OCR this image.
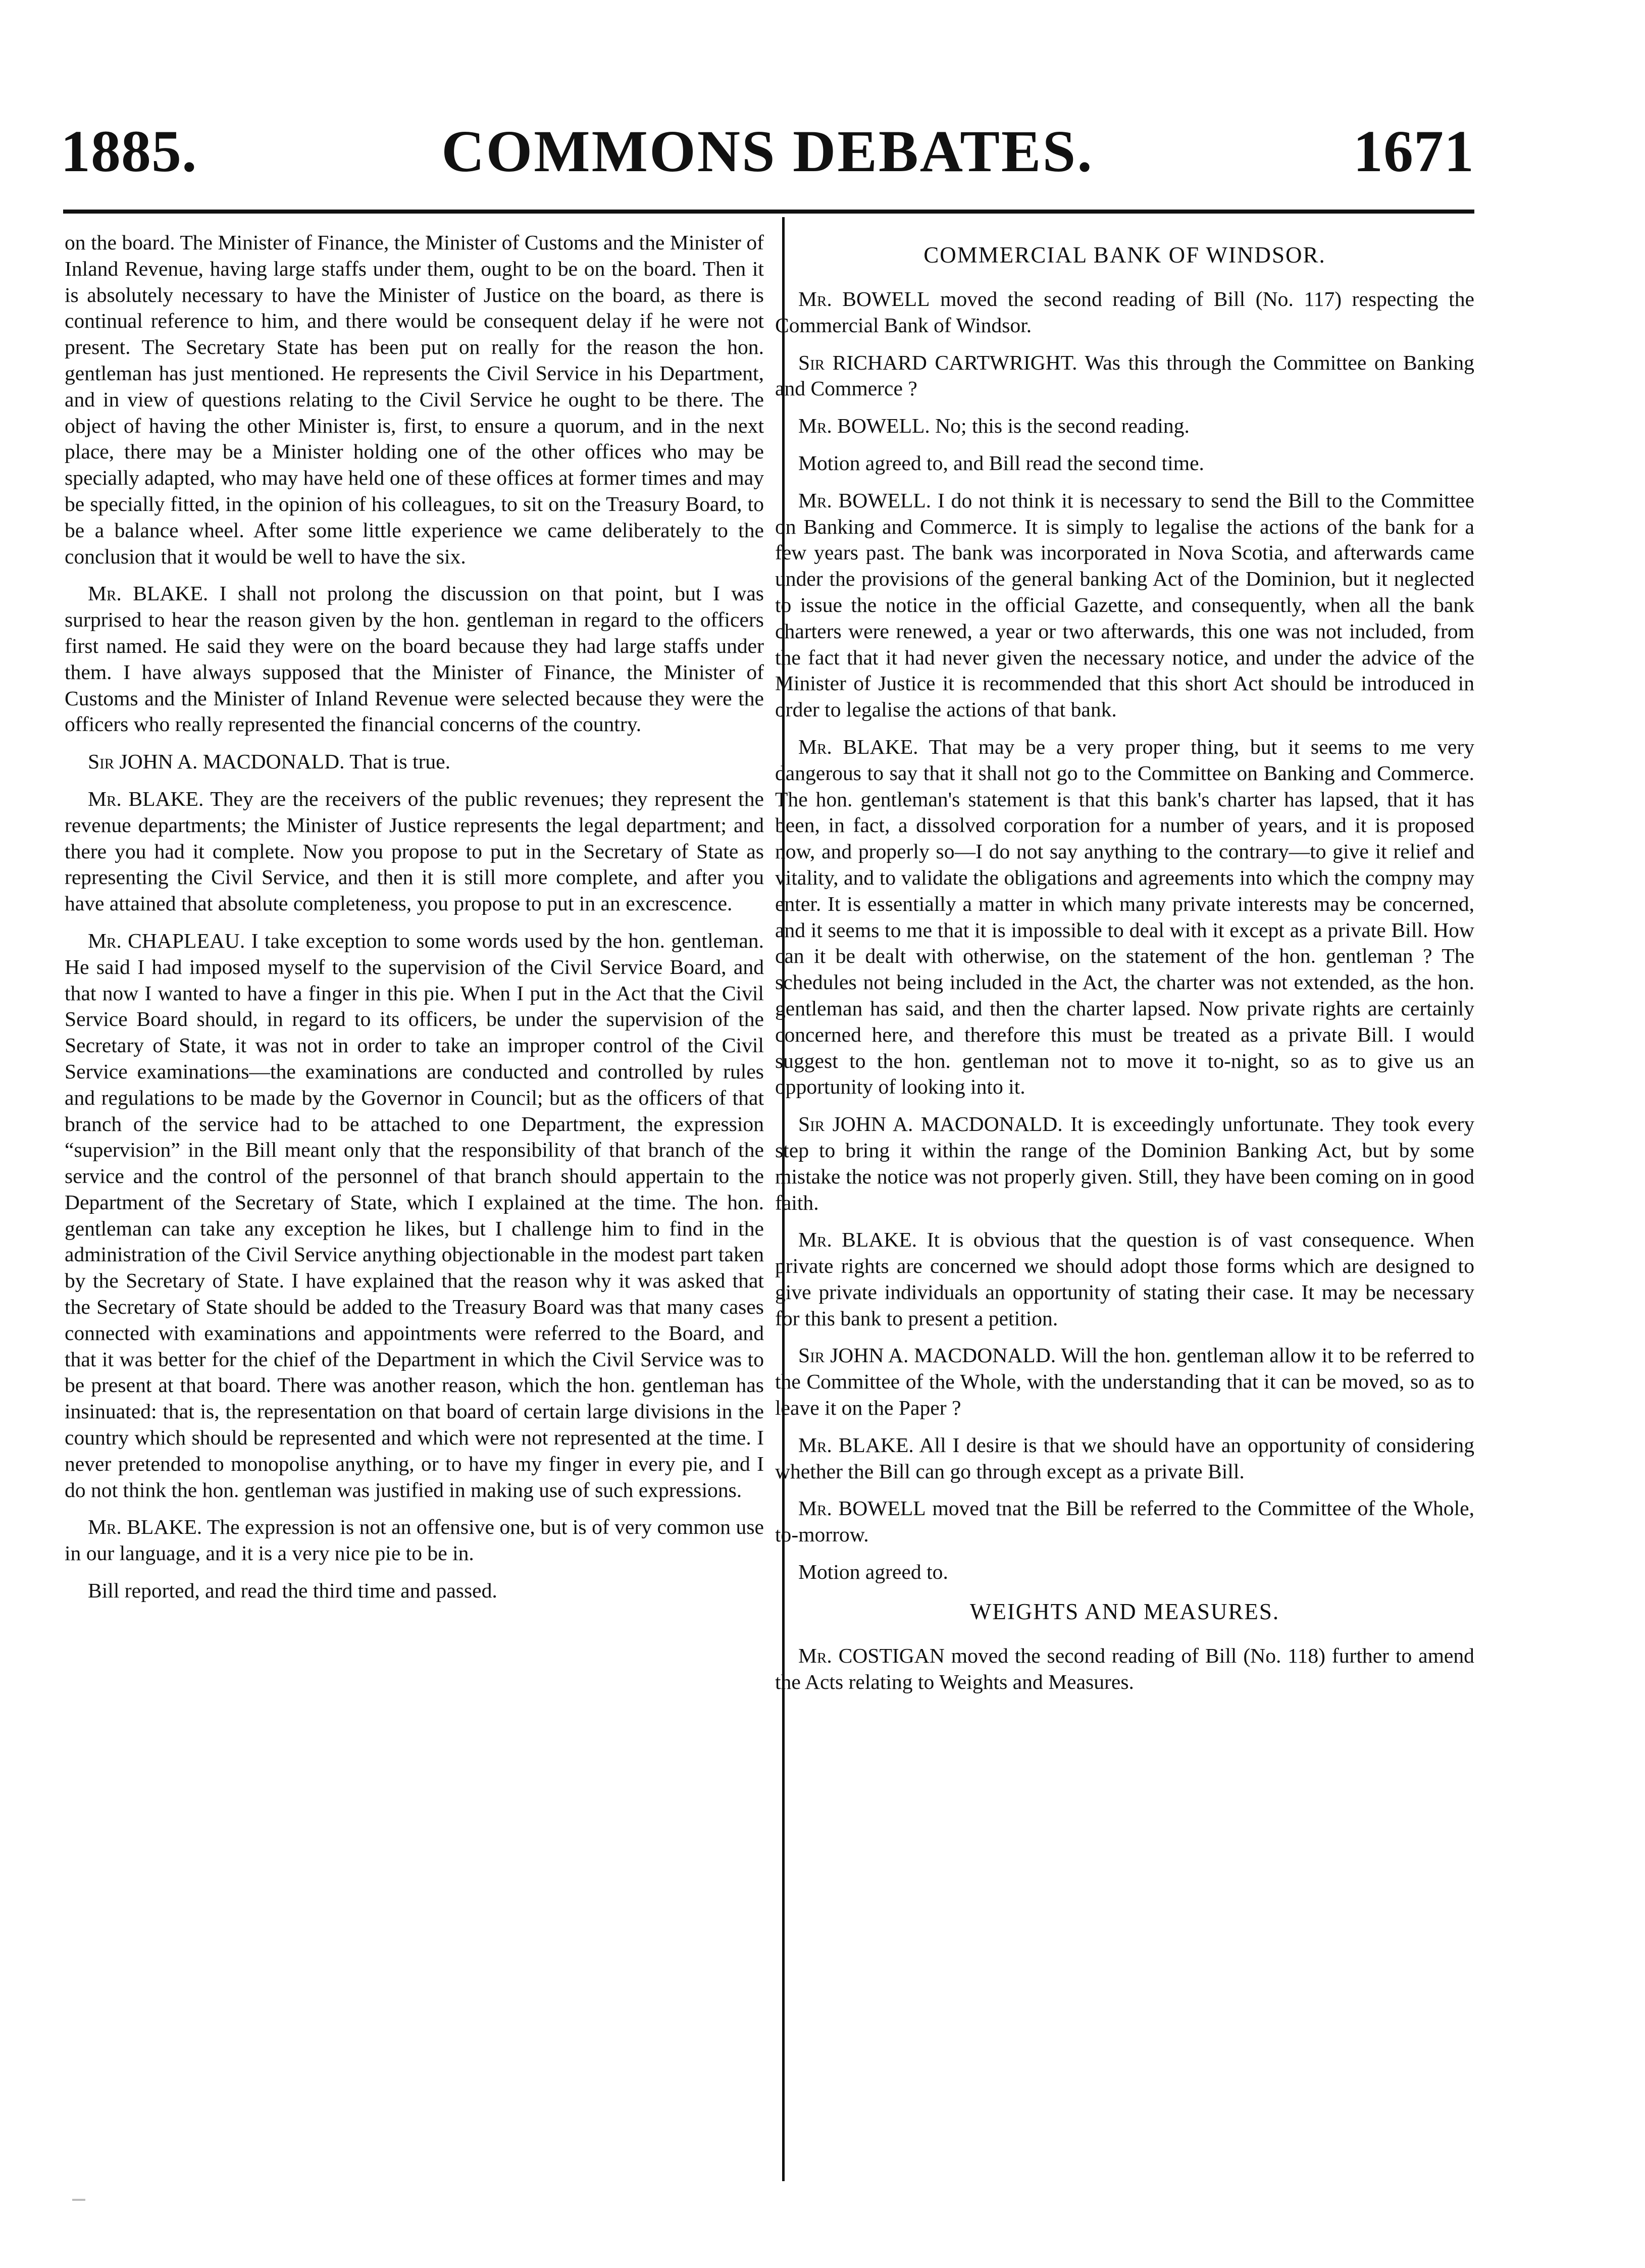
1885.	COMMONS DEBATES.	1671

on the board. The Minister of Finance, the Minister of Customs and the Minister of Inland Revenue, having large staffs under them, ought to be on the board. Then it is absolutely necessary to have the Minister of Justice on the board, as there is continual reference to him, and there would be consequent delay if he were not present. The Secretary State has been put on really for the reason the hon. gentleman has just mentioned. He represents the Civil Service in his Department, and in view of questions relating to the Civil Service he ought to be there. The object of having the other Minister is, first, to ensure a quorum, and in the next place, there may be a Minister holding one of the other offices who may be specially adapted, who may have held one of these offices at former times and may be specially fitted, in the opinion of his colleagues, to sit on the Treasury Board, to be a balance wheel. After some little experience we came deliberately to the conclusion that it would be well to have the six.

Mr. BLAKE. I shall not prolong the discussion on that point, but I was surprised to hear the reason given by the hon. gentleman in regard to the officers first named. He said they were on the board because they had large staffs under them. I have always supposed that the Minister of Finance, the Minister of Customs and the Minister of Inland Revenue were selected because they were the officers who really represented the financial concerns of the country.

Sir JOHN A. MACDONALD. That is true.

Mr. BLAKE. They are the receivers of the public revenues; they represent the revenue departments; the Minister of Justice represents the legal department; and there you had it complete. Now you propose to put in the Secretary of State as representing the Civil Service, and then it is still more complete, and after you have attained that absolute completeness, you propose to put in an excrescence.

Mr. CHAPLEAU. I take exception to some words used by the hon. gentleman. He said I had imposed myself to the supervision of the Civil Service Board, and that now I wanted to have a finger in this pie. When I put in the Act that the Civil Service Board should, in regard to its officers, be under the supervision of the Secretary of State, it was not in order to take an improper control of the Civil Service examinations—the examinations are conducted and controlled by rules and regulations to be made by the Governor in Council; but as the officers of that branch of the service had to be attached to one Department, the expression “supervision” in the Bill meant only that the responsibility of that branch of the service and the control of the personnel of that branch should appertain to the Department of the Secretary of State, which I explained at the time. The hon. gentleman can take any exception he likes, but I challenge him to find in the administration of the Civil Service anything objectionable in the modest part taken by the Secretary of State. I have explained that the reason why it was asked that the Secretary of State should be added to the Treasury Board was that many cases connected with examinations and appointments were referred to the Board, and that it was better for the chief of the Department in which the Civil Service was to be present at that board. There was another reason, which the hon. gentleman has insinuated: that is, the representation on that board of certain large divisions in the country which should be represented and which were not represented at the time. I never pretended to monopolise anything, or to have my finger in every pie, and I do not think the hon. gentleman was justified in making use of such expressions.

Mr. BLAKE. The expression is not an offensive one, but is of very common use in our language, and it is a very nice pie to be in.

Bill reported, and read the third time and passed.

COMMERCIAL BANK OF WINDSOR.

Mr. BOWELL moved the second reading of Bill (No. 117) respecting the Commercial Bank of Windsor.

Sir RICHARD CARTWRIGHT. Was this through the Committee on Banking and Commerce ?

Mr. BOWELL. No; this is the second reading.

Motion agreed to, and Bill read the second time.

Mr. BOWELL. I do not think it is necessary to send the Bill to the Committee on Banking and Commerce. It is simply to legalise the actions of the bank for a few years past. The bank was incorporated in Nova Scotia, and afterwards came under the provisions of the general banking Act of the Dominion, but it neglected to issue the notice in the official Gazette, and consequently, when all the bank charters were renewed, a year or two afterwards, this one was not included, from the fact that it had never given the necessary notice, and under the advice of the Minister of Justice it is recommended that this short Act should be introduced in order to legalise the actions of that bank.

Mr. BLAKE. That may be a very proper thing, but it seems to me very dangerous to say that it shall not go to the Committee on Banking and Commerce. The hon. gentleman's statement is that this bank's charter has lapsed, that it has been, in fact, a dissolved corporation for a number of years, and it is proposed now, and properly so—I do not say anything to the contrary—to give it relief and vitality, and to validate the obligations and agreements into which the compny may enter. It is essentially a matter in which many private interests may be concerned, and it seems to me that it is impossible to deal with it except as a private Bill. How can it be dealt with otherwise, on the statement of the hon. gentleman ? The schedules not being included in the Act, the charter was not extended, as the hon. gentleman has said, and then the charter lapsed. Now private rights are certainly concerned here, and therefore this must be treated as a private Bill. I would suggest to the hon. gentleman not to move it to-night, so as to give us an opportunity of looking into it.

Sir JOHN A. MACDONALD. It is exceedingly unfortunate. They took every step to bring it within the range of the Dominion Banking Act, but by some mistake the notice was not properly given. Still, they have been coming on in good faith.

Mr. BLAKE. It is obvious that the question is of vast consequence. When private rights are concerned we should adopt those forms which are designed to give private individuals an opportunity of stating their case. It may be necessary for this bank to present a petition.

Sir JOHN A. MACDONALD. Will the hon. gentleman allow it to be referred to the Committee of the Whole, with the understanding that it can be moved, so as to leave it on the Paper ?

Mr. BLAKE. All I desire is that we should have an opportunity of considering whether the Bill can go through except as a private Bill.

Mr. BOWELL moved tnat the Bill be referred to the Committee of the Whole, to-morrow.

Motion agreed to.

WEIGHTS AND MEASURES.

Mr. COSTIGAN moved the second reading of Bill (No. 118) further to amend the Acts relating to Weights and Measures.
